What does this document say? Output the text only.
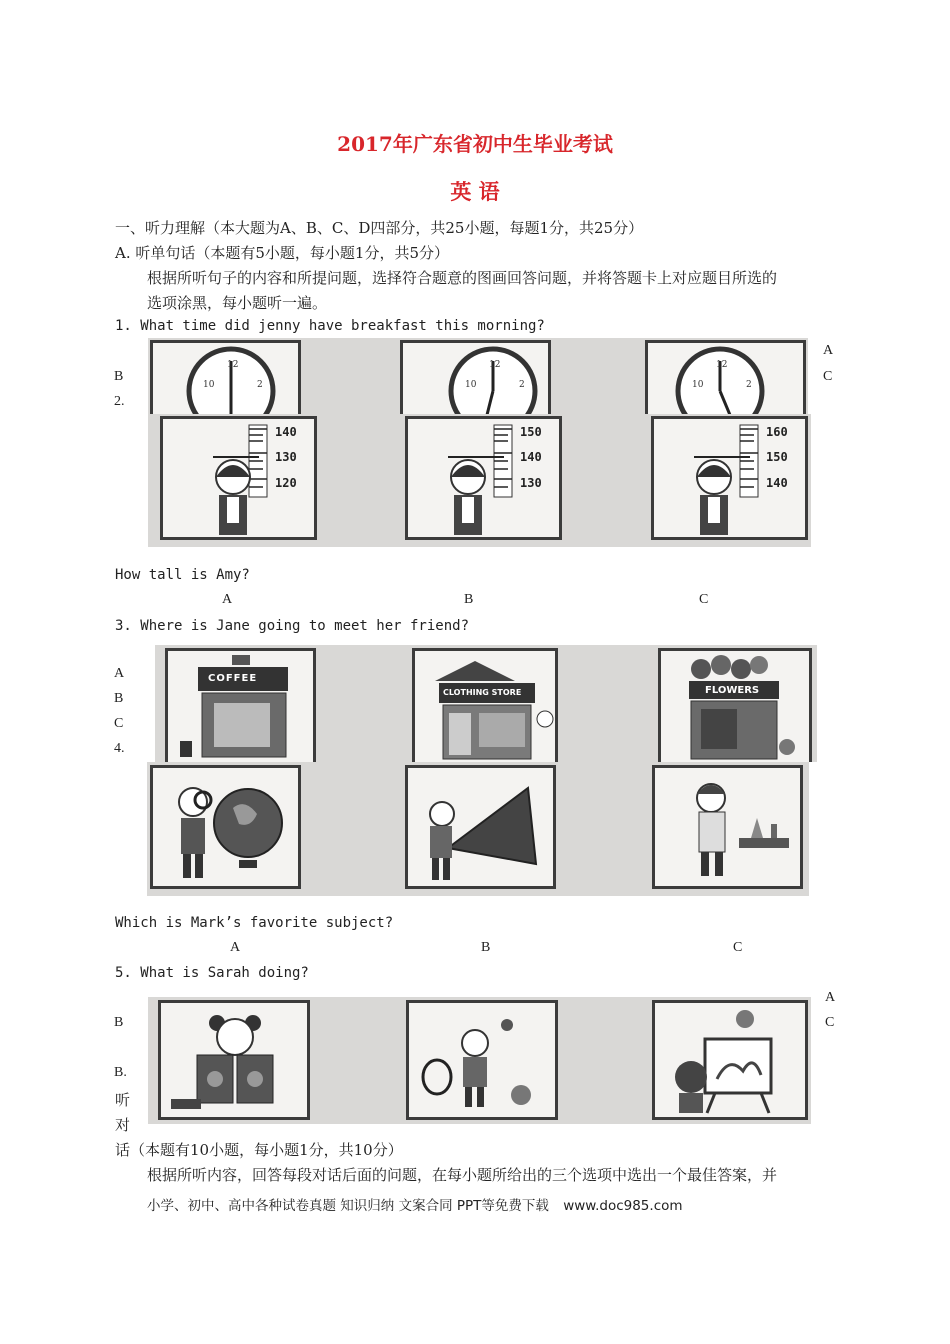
2017年广东省初中生毕业考试
英 语
一、听力理解（本大题为A、B、C、D四部分，共25小题，每题1分，共25分）
A. 听单句话（本题有5小题，每小题1分，共5分）
根据所听句子的内容和所提问题，选择符合题意的图画回答问题，并将答题卡上对应题目所选的
选项涂黑，每小题听一遍。
1. What time did jenny have breakfast this morning?
A
B	C
12
10	2
12
10	2
12
10	2
2.
140
130
120
150
140
130
160
150
140
How tall is Amy?
A	B	C
3. Where is Jane going to meet her friend?
A
B
C
4.
COFFEE
CLOTHING STORE	FLOWERS
Which is Mark’s favorite subject?
A	B	C
5. What is Sarah doing?
A
B	C
B.
听
对
话（本题有10小题，每小题1分，共10分）
根据所听内容，回答每段对话后面的问题，在每小题所给出的三个选项中选出一个最佳答案，并
小学、初中、高中各种试卷真题 知识归纳 文案合同 PPT等免费下载 www.doc985.com
